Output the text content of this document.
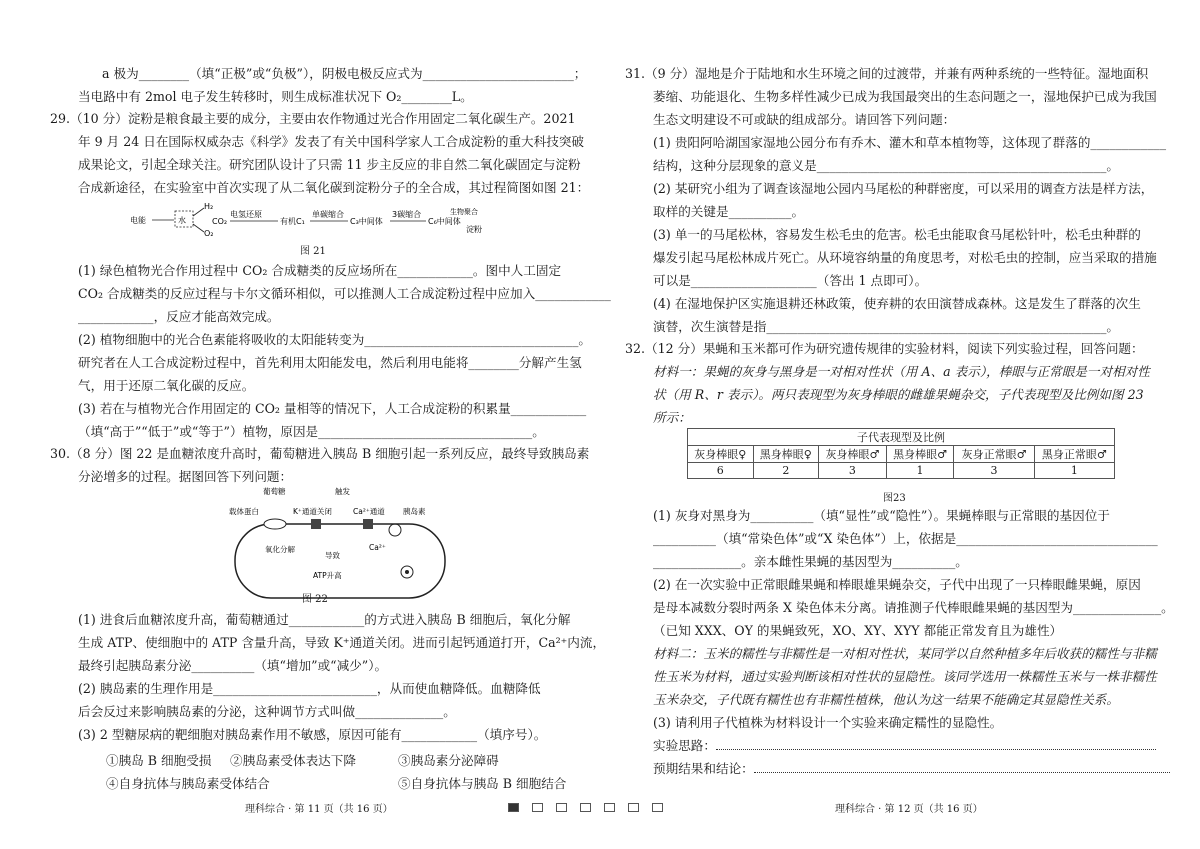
a 极为________（填“正极”或“负极”），阴极电极反应式为________________________；
当电路中有 2mol 电子发生转移时，则生成标准状况下 O₂________L。
29.（10 分）淀粉是粮食最主要的成分，主要由农作物通过光合作用固定二氧化碳生产。2021
年 9 月 24 日在国际权威杂志《科学》发表了有关中国科学家人工合成淀粉的重大科技突破
成果论文，引起全球关注。研究团队设计了只需 11 步主反应的非自然二氧化碳固定与淀粉
合成新途径，在实验室中首次实现了从二氧化碳到淀粉分子的全合成，其过程简图如图 21：
电能	水
H₂
O₂
CO₂
电氢还原
有机C₁
单碳缩合
C₃中间体
3碳缩合
C₆中间体
生物聚合
淀粉
图 21
(1) 绿色植物光合作用过程中 CO₂ 合成糖类的反应场所在____________。图中人工固定
CO₂ 合成糖类的反应过程与卡尔文循环相似，可以推测人工合成淀粉过程中应加入____________
____________，反应才能高效完成。
(2) 植物细胞中的光合色素能将吸收的太阳能转变为__________________________________。
研究者在人工合成淀粉过程中，首先利用太阳能发电，然后利用电能将________分解产生氢
气，用于还原二氧化碳的反应。
(3) 若在与植物光合作用固定的 CO₂ 量相等的情况下，人工合成淀粉的积累量____________
（填“高于”“低于”或“等于”）植物，原因是__________________________________。
30.（8 分）图 22 是血糖浓度升高时，葡萄糖进入胰岛 B 细胞引起一系列反应，最终导致胰岛素
分泌增多的过程。据图回答下列问题：
葡萄糖
载体蛋白
触发
K⁺通道关闭	Ca²⁺通道 胰岛素
氧化分解
导致
Ca²⁺
ATP升高
图 22
(1) 进食后血糖浓度升高，葡萄糖通过____________的方式进入胰岛 B 细胞后，氧化分解
生成 ATP、使细胞中的 ATP 含量升高，导致 K⁺通道关闭。进而引起钙通道打开，Ca²⁺内流，
最终引起胰岛素分泌__________（填“增加”或“减少”）。
(2) 胰岛素的生理作用是__________________________，从而使血糖降低。血糖降低
后会反过来影响胰岛素的分泌，这种调节方式叫做______________。
(3) 2 型糖尿病的靶细胞对胰岛素作用不敏感，原因可能有____________（填序号）。
①胰岛 B 细胞受损 ②胰岛素受体表达下降	③胰岛素分泌障碍
④自身抗体与胰岛素受体结合	⑤自身抗体与胰岛 B 细胞结合
理科综合 · 第 11 页（共 16 页）
31.（9 分）湿地是介于陆地和水生环境之间的过渡带，并兼有两种系统的一些特征。湿地面积
萎缩、功能退化、生物多样性减少已成为我国最突出的生态问题之一，湿地保护已成为我国
生态文明建设不可或缺的组成部分。请回答下列问题：
(1) 贵阳阿哈湖国家湿地公园分布有乔木、灌木和草本植物等，这体现了群落的____________
结构，这种分层现象的意义是______________________________________________。
(2) 某研究小组为了调查该湿地公园内马尾松的种群密度，可以采用的调查方法是样方法，
取样的关键是__________。
(3) 单一的马尾松林，容易发生松毛虫的危害。松毛虫能取食马尾松针叶，松毛虫种群的
爆发引起马尾松林成片死亡。从环境容纳量的角度思考，对松毛虫的控制，应当采取的措施
可以是____________________（答出 1 点即可）。
(4) 在湿地保护区实施退耕还林政策，使弃耕的农田演替成森林。这是发生了群落的次生
演替，次生演替是指______________________________________________________。
32.（12 分）果蝇和玉米都可作为研究遗传规律的实验材料，阅读下列实验过程，回答问题：
材料一：果蝇的灰身与黑身是一对相对性状（用 A、a 表示），棒眼与正常眼是一对相对性
状（用 R、r 表示）。两只表现型为灰身棒眼的雌雄果蝇杂交，子代表现型及比例如图 23
所示：
子代表现型及比例					
灰身棒眼♀	黑身棒眼♀	灰身棒眼♂	黑身棒眼♂	灰身正常眼♂	黑身正常眼♂
6	2	3	1	3	1
图23
(1) 灰身对黑身为__________（填“显性”或“隐性”）。果蝇棒眼与正常眼的基因位于
__________（填“常染色体”或“X 染色体”）上，依据是________________________________
______________。亲本雌性果蝇的基因型为__________。
(2) 在一次实验中正常眼雌果蝇和棒眼雄果蝇杂交，子代中出现了一只棒眼雌果蝇，原因
是母本减数分裂时两条 X 染色体未分离。请推测子代棒眼雌果蝇的基因型为______________。
（已知 XXX、OY 的果蝇致死，XO、XY、XYY 都能正常发育且为雄性）
材料二：玉米的糯性与非糯性是一对相对性状，某同学以自然种植多年后收获的糯性与非糯
性玉米为材料，通过实验判断该相对性状的显隐性。该同学选用一株糯性玉米与一株非糯性
玉米杂交，子代既有糯性也有非糯性植株，他认为这一结果不能确定其显隐性关系。
(3) 请利用子代植株为材料设计一个实验来确定糯性的显隐性。
实验思路：
预期结果和结论：
理科综合 · 第 12 页（共 16 页）
